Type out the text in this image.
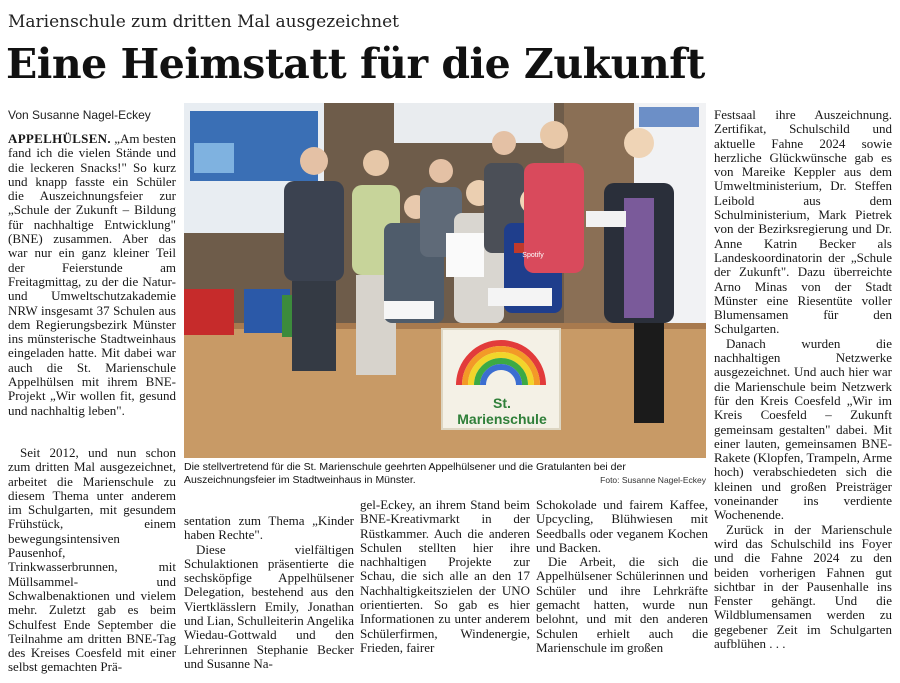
Marienschule zum dritten Mal ausgezeichnet
Eine Heimstatt für die Zukunft
Von Susanne Nagel-Eckey

APPELHÜLSEN. „Am besten fand ich die vielen Stände und die leckeren Snacks!" So kurz und knapp fasste ein Schüler die Auszeichnungsfeier zur „Schule der Zukunft – Bildung für nachhaltige Entwicklung" (BNE) zusammen. Aber das war nur ein ganz kleiner Teil der Feierstunde am Freitagmittag, zu der die Natur- und Umweltschutzakademie NRW insgesamt 37 Schulen aus dem Regierungsbezirk Münster ins münsterische Stadtweinhaus eingeladen hatte. Mit dabei war auch die St. Marienschule Appelhülsen mit ihrem BNE-Projekt „Wir wollen fit, gesund und nachhaltig leben".

Seit 2012, und nun schon zum dritten Mal ausgezeichnet, arbeitet die Marienschule zu diesem Thema unter anderem im Schulgarten, mit gesundem Frühstück, einem bewegungsintensiven Pausenhof, Trinkwasserbrunnen, mit Müllsammel- und Schwalbenaktionen und vielem mehr. Zuletzt gab es beim Schulfest Ende September die Teilnahme am dritten BNE-Tag des Kreises Coesfeld mit einer selbst gemachten Prä-

St. Marienschule
Spotify
Die stellvertretend für die St. Marienschule geehrten Appelhülsener und die Gratulanten bei der Auszeichnungsfeier im Stadtweinhaus in Münster.	Foto: Susanne Nagel-Eckey

sentation zum Thema „Kinder haben Rechte".

Diese vielfältigen Schulaktionen präsentierte die sechsköpfige Appelhülsener Delegation, bestehend aus den Viertklässlern Emily, Jonathan und Lian, Schulleiterin Angelika Wiedau-Gottwald und den Lehrerinnen Stephanie Becker und Susanne Na-

gel-Eckey, an ihrem Stand beim BNE-Kreativmarkt in der Rüstkammer. Auch die anderen Schulen stellten hier ihre nachhaltigen Projekte zur Schau, die sich alle an den 17 Nachhaltigkeitszielen der UNO orientierten. So gab es hier Informationen zu unter anderem Schülerfirmen, Windenergie, Frieden, fairer

Schokolade und fairem Kaffee, Upcycling, Blühwiesen mit Seedballs oder veganem Kochen und Backen.

Die Arbeit, die sich die Appelhülsener Schülerinnen und Schüler und ihre Lehrkräfte gemacht hatten, wurde nun belohnt, und mit den anderen Schulen erhielt auch die Marienschule im großen

Festsaal ihre Auszeichnung. Zertifikat, Schulschild und aktuelle Fahne 2024 sowie herzliche Glückwünsche gab es von Mareike Keppler aus dem Umweltministerium, Dr. Steffen Leibold aus dem Schulministerium, Mark Pietrek von der Bezirksregierung und Dr. Anne Katrin Becker als Landeskoordinatorin der „Schule der Zukunft". Dazu überreichte Arno Minas von der Stadt Münster eine Riesentüte voller Blumensamen für den Schulgarten.

Danach wurden die nachhaltigen Netzwerke ausgezeichnet. Und auch hier war die Marienschule beim Netzwerk für den Kreis Coesfeld „Wir im Kreis Coesfeld – Zukunft gemeinsam gestalten" dabei. Mit einer lauten, gemeinsamen BNE-Rakete (Klopfen, Trampeln, Arme hoch) verabschiedeten sich die kleinen und großen Preisträger voneinander ins verdiente Wochenende.

Zurück in der Marienschule wird das Schulschild ins Foyer und die Fahne 2024 zu den beiden vorherigen Fahnen gut sichtbar in der Pausenhalle ins Fenster gehängt. Und die Wildblumensamen werden zu gegebener Zeit im Schulgarten aufblühen . . .
